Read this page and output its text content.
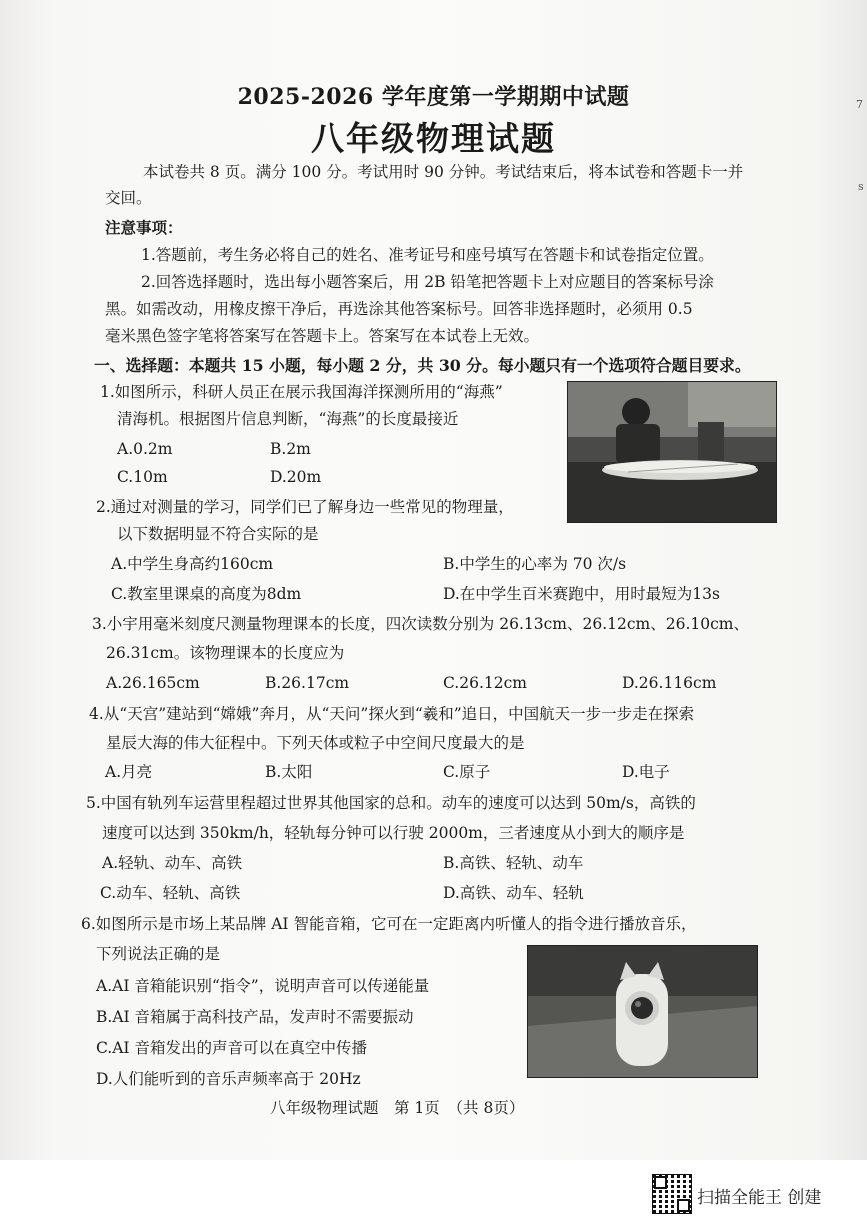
7
s
2025-2026 学年度第一学期期中试题
八年级物理试题
本试卷共 8 页。满分 100 分。考试用时 90 分钟。考试结束后，将本试卷和答题卡一并
交回。
注意事项：
1.答题前，考生务必将自己的姓名、准考证号和座号填写在答题卡和试卷指定位置。
2.回答选择题时，选出每小题答案后，用 2B 铅笔把答题卡上对应题目的答案标号涂
黑。如需改动，用橡皮擦干净后，再选涂其他答案标号。回答非选择题时，必须用 0.5
毫米黑色签字笔将答案写在答题卡上。答案写在本试卷上无效。
一、选择题：本题共 15 小题，每小题 2 分，共 30 分。每小题只有一个选项符合题目要求。
1.如图所示，科研人员正在展示我国海洋探测所用的“海燕”
清海机。根据图片信息判断，“海燕”的长度最接近
A.0.2m	B.2m
C.10m	D.20m
2.通过对测量的学习，同学们已了解身边一些常见的物理量，
以下数据明显不符合实际的是
A.中学生身高约160cm	B.中学生的心率为 70 次/s
C.教室里课桌的高度为8dm	D.在中学生百米赛跑中，用时最短为13s
3.小宇用毫米刻度尺测量物理课本的长度，四次读数分别为 26.13cm、26.12cm、26.10cm、
26.31cm。该物理课本的长度应为
A.26.165cm	B.26.17cm	C.26.12cm	D.26.116cm
4.从“天宫”建站到“嫦娥”奔月，从“天问”探火到“羲和”追日，中国航天一步一步走在探索
星辰大海的伟大征程中。下列天体或粒子中空间尺度最大的是
A.月亮	B.太阳	C.原子	D.电子
5.中国有轨列车运营里程超过世界其他国家的总和。动车的速度可以达到 50m/s，高铁的
速度可以达到 350km/h，轻轨每分钟可以行驶 2000m，三者速度从小到大的顺序是
A.轻轨、动车、高铁	B.高铁、轻轨、动车
C.动车、轻轨、高铁	D.高铁、动车、轻轨
6.如图所示是市场上某品牌 AI 智能音箱，它可在一定距离内听懂人的指令进行播放音乐，
下列说法正确的是
A.AI 音箱能识别“指令”，说明声音可以传递能量
B.AI 音箱属于高科技产品，发声时不需要振动
C.AI 音箱发出的声音可以在真空中传播
D.人们能听到的音乐声频率高于 20Hz
八年级物理试题　第 1页　（共 8页）
扫描全能王 创建
